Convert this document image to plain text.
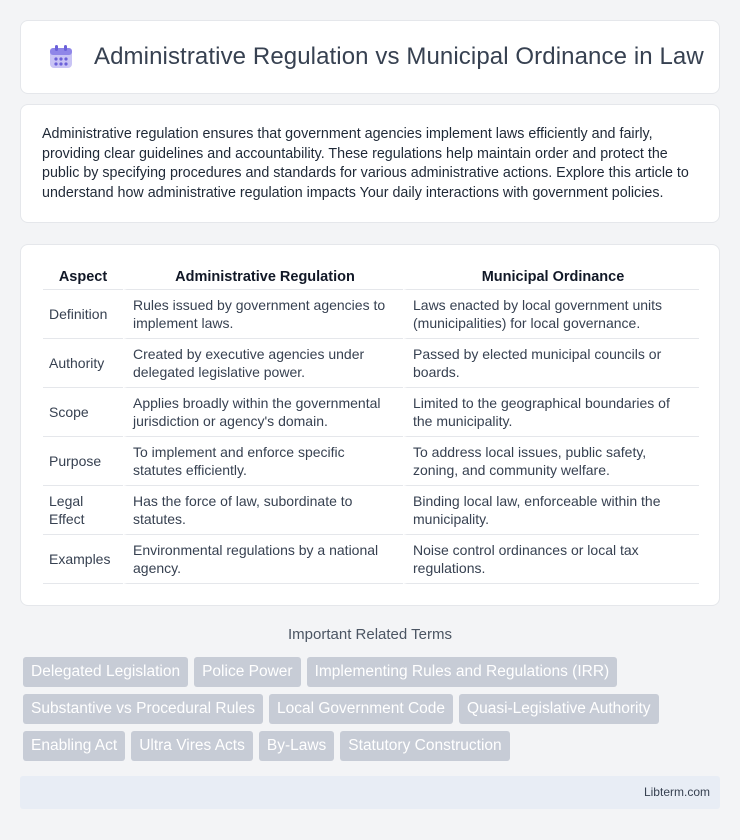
Administrative Regulation vs Municipal Ordinance in Law

Administrative regulation ensures that government agencies implement laws efficiently and fairly, providing clear guidelines and accountability. These regulations help maintain order and protect the public by specifying procedures and standards for various administrative actions. Explore this article to understand how administrative regulation impacts Your daily interactions with government policies.

Aspect	Administrative Regulation	Municipal Ordinance
Definition	Rules issued by government agencies to implement laws.	Laws enacted by local government units (municipalities) for local governance.
Authority	Created by executive agencies under delegated legislative power.	Passed by elected municipal councils or boards.
Scope	Applies broadly within the governmental jurisdiction or agency's domain.	Limited to the geographical boundaries of the municipality.
Purpose	To implement and enforce specific statutes efficiently.	To address local issues, public safety, zoning, and community welfare.
Legal Effect	Has the force of law, subordinate to statutes.	Binding local law, enforceable within the municipality.
Examples	Environmental regulations by a national agency.	Noise control ordinances or local tax regulations.
Important Related Terms
Delegated Legislation	Police Power	Implementing Rules and Regulations (IRR)
Substantive vs Procedural Rules	Local Government Code	Quasi-Legislative Authority
Enabling Act	Ultra Vires Acts	By-Laws	Statutory Construction
Libterm.com
